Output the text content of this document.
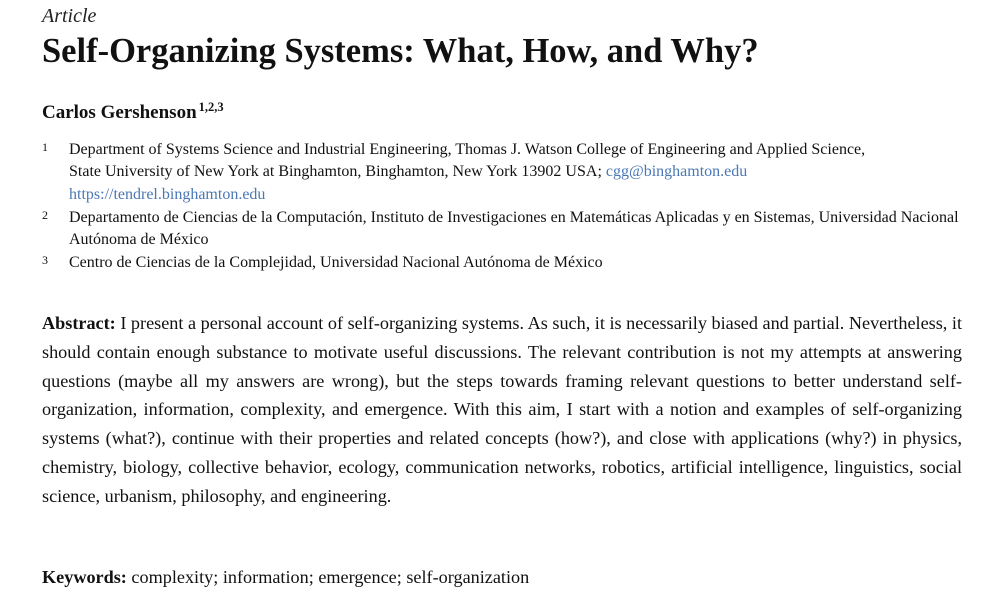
Article
Self-Organizing Systems: What, How, and Why?
Carlos Gershenson $^{1,2,3}$
1 Department of Systems Science and Industrial Engineering, Thomas J. Watson College of Engineering and Applied Science,
State University of New York at Binghamton, Binghamton, New York 13902 USA; cgg@binghamton.edu
https://tendrel.binghamton.edu
2 Departamento de Ciencias de la Computación, Instituto de Investigaciones en Matemáticas Aplicadas y en Sistemas, Universidad Nacional Autónoma de México
3 Centro de Ciencias de la Complejidad, Universidad Nacional Autónoma de México

Abstract: I present a personal account of self-organizing systems. As such, it is necessarily biased and partial. Nevertheless, it should contain enough substance to motivate useful discussions. The relevant contribution is not my attempts at answering questions (maybe all my answers are wrong), but the steps towards framing relevant questions to better understand self-organization, information, complexity, and emergence. With this aim, I start with a notion and examples of self-organizing systems (what?), continue with their properties and related concepts (how?), and close with applications (why?) in physics, chemistry, biology, collective behavior, ecology, communication networks, robotics, artificial intelligence, linguistics, social science, urbanism, philosophy, and engineering.

Keywords: complexity; information; emergence; self-organization
